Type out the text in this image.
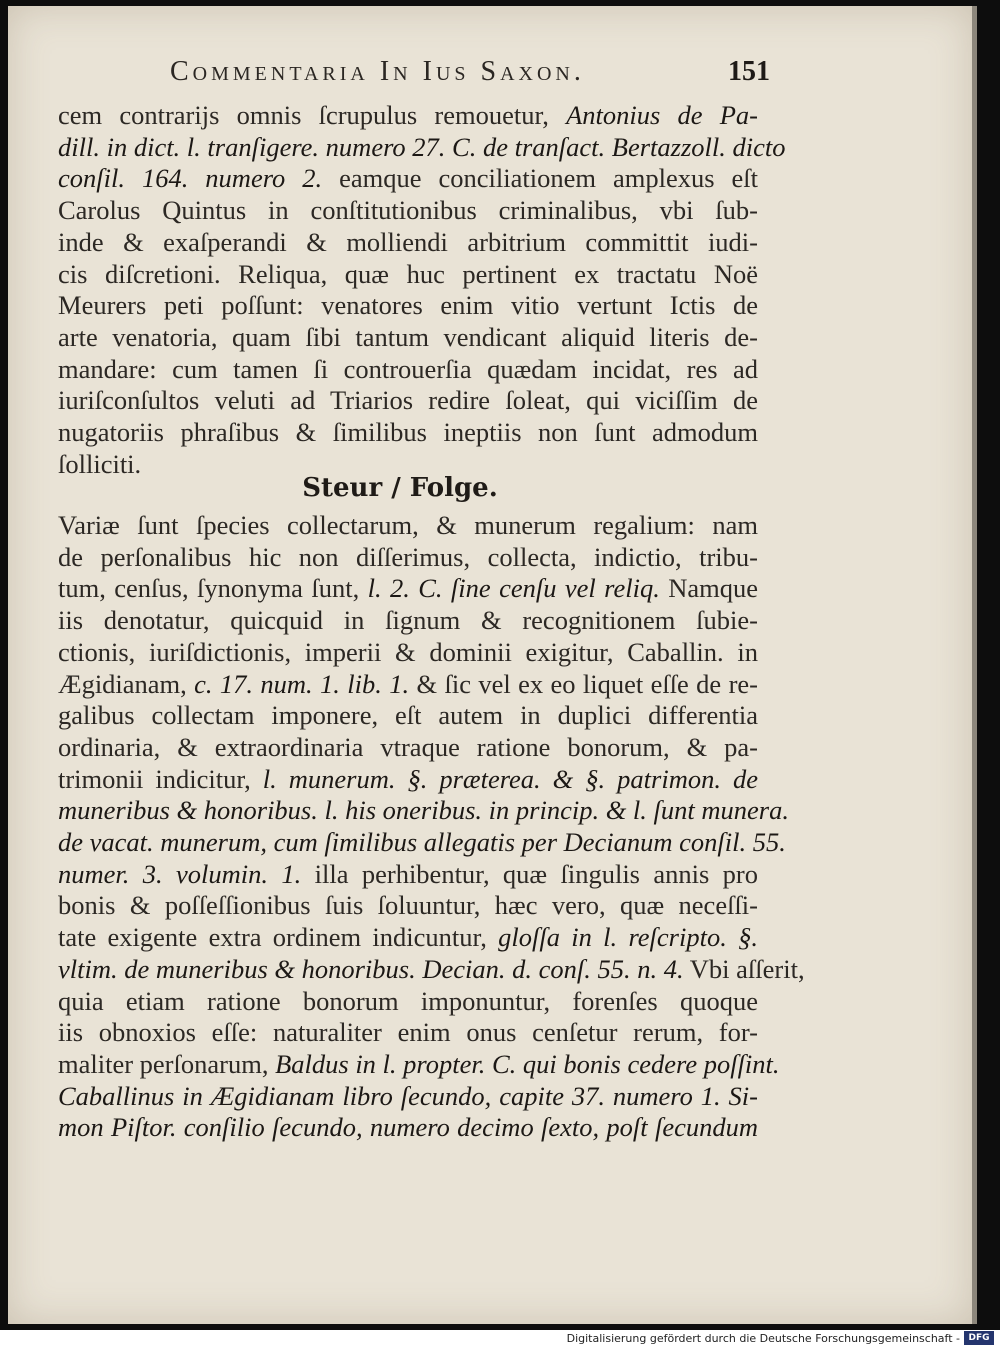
Commentaria In Ius Saxon.	151
Steur / Folge.
cem contrarijs omnis ſcrupulus remouetur, Antonius de Pa-
dill. in dict. l. tranſigere. numero 27. C. de tranſact. Bertazzoll. dicto
conſil. 164. numero 2. eamque conciliationem amplexus eſt
Carolus Quintus in conſtitutionibus criminalibus, vbi ſub-
inde & exaſperandi & molliendi arbitrium committit iudi-
cis diſcretioni. Reliqua, quæ huc pertinent ex tractatu Noë
Meurers peti poſſunt: venatores enim vitio vertunt Ictis de
arte venatoria, quam ſibi tantum vendicant aliquid literis de-
mandare: cum tamen ſi controuerſia quædam incidat, res ad
iuriſconſultos veluti ad Triarios redire ſoleat, qui viciſſim de
nugatoriis phraſibus & ſimilibus ineptiis non ſunt admodum
ſolliciti.
Variæ ſunt ſpecies collectarum, & munerum regalium: nam
de perſonalibus hic non diſſerimus, collecta, indictio, tribu-
tum, cenſus, ſynonyma ſunt, l. 2. C. ſine cenſu vel reliq. Namque
iis denotatur, quicquid in ſignum & recognitionem ſubie-
ctionis, iuriſdictionis, imperii & dominii exigitur, Caballin. in
Ægidianam, c. 17. num. 1. lib. 1. & ſic vel ex eo liquet eſſe de re-
galibus collectam imponere, eſt autem in duplici differentia
ordinaria, & extraordinaria vtraque ratione bonorum, & pa-
trimonii indicitur, l. munerum. §. præterea. & §. patrimon. de
muneribus & honoribus. l. his oneribus. in princip. & l. ſunt munera.
de vacat. munerum, cum ſimilibus allegatis per Decianum conſil. 55.
numer. 3. volumin. 1. illa perhibentur, quæ ſingulis annis pro
bonis & poſſeſſionibus ſuis ſoluuntur, hæc vero, quæ neceſſi-
tate exigente extra ordinem indicuntur, gloſſa in l. reſcripto. §.
vltim. de muneribus & honoribus. Decian. d. conſ. 55. n. 4. Vbi aſſerit,
quia etiam ratione bonorum imponuntur, forenſes quoque
iis obnoxios eſſe: naturaliter enim onus cenſetur rerum, for-
maliter perſonarum, Baldus in l. propter. C. qui bonis cedere poſſint.
Caballinus in Ægidianam libro ſecundo, capite 37. numero 1. Si-
mon Piſtor. conſilio ſecundo, numero decimo ſexto, poſt ſecundum
Digitalisierung gefördert durch die Deutsche Forschungsgemeinschaft - DFG
